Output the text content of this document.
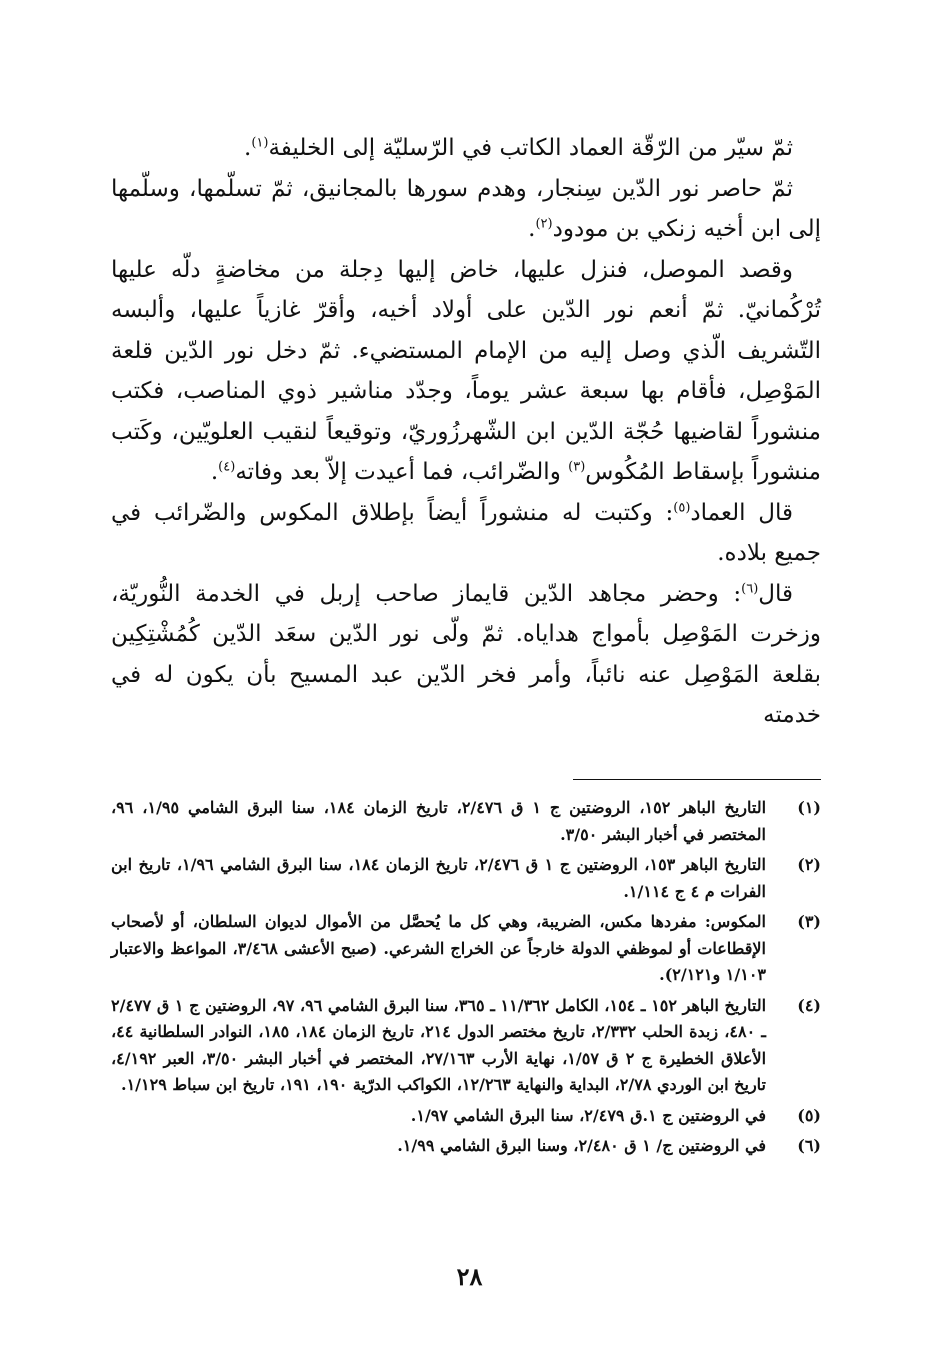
ثمّ سيّر من الرّقّة العماد الكاتب في الرّسليّة إلى الخليفة$^{(١)}$.

ثمّ حاصر نور الدّين سِنجار، وهدم سورها بالمجانيق، ثمّ تسلّمها، وسلّمها إلى ابن أخيه زنكي بن مودود$^{(٢)}$.

وقصد الموصل، فنزل عليها، خاض إليها دِجلة من مخاضةٍ دلّه عليها تُرْكُمانيّ. ثمّ أنعم نور الدّين على أولاد أخيه، وأقرّ غازياً عليها، وألبسه التّشريف الّذي وصل إليه من الإمام المستضيء. ثمّ دخل نور الدّين قلعة المَوْصِل، فأقام بها سبعة عشر يوماً، وجدّد مناشير ذوي المناصب، فكتب منشوراً لقاضيها حُجّة الدّين ابن الشّهرزُوريّ، وتوقيعاً لنقيب العلويّين، وكَتب منشوراً بإسقاط المُكُوس$^{(٣)}$ والضّرائب، فما أعيدت إلاّ بعد وفاته$^{(٤)}$.

قال العماد$^{(٥)}$: وكتبت له منشوراً أيضاً بإطلاق المكوس والضّرائب في جميع بلاده.

قال$^{(٦)}$: وحضر مجاهد الدّين قايماز صاحب إربل في الخدمة النُّوريّة، وزخرت المَوْصِل بأمواج هداياه. ثمّ ولّى نور الدّين سعَد الدّين كُمُشْتِكِين بقلعة المَوْصِل عنه نائباً، وأمر فخر الدّين عبد المسيح بأن يكون له في خدمته

(١)
التاريخ الباهر ١٥٢، الروضتين ج ١ ق ٢/٤٧٦، تاريخ الزمان ١٨٤، سنا البرق الشامي ١/٩٥، ٩٦، المختصر في أخبار البشر ٣/٥٠.
(٢)
التاريخ الباهر ١٥٣، الروضتين ج ١ ق ٢/٤٧٦، تاريخ الزمان ١٨٤، سنا البرق الشامي ١/٩٦، تاريخ ابن الفرات م ٤ ج ١/١١٤.
(٣)
المكوس: مفردها مكس، الضريبة، وهي كل ما يُحصَّل من الأموال لديوان السلطان، أو لأصحاب الإقطاعات أو لموظفي الدولة خارجاً عن الخراج الشرعي. (صبح الأعشى ٣/٤٦٨، المواعظ والاعتبار ١/١٠٣ و٢/١٢١).
(٤)
التاريخ الباهر ١٥٢ ـ ١٥٤، الكامل ١١/٣٦٢ ـ ٣٦٥، سنا البرق الشامي ٩٦، ٩٧، الروضتين ج ١ ق ٢/٤٧٧ ـ ٤٨٠، زبدة الحلب ٢/٣٣٢، تاريخ مختصر الدول ٢١٤، تاريخ الزمان ١٨٤، ١٨٥، النوادر السلطانية ٤٤، الأعلاق الخطيرة ج ٢ ق ١/٥٧، نهاية الأرب ٢٧/١٦٣، المختصر في أخبار البشر ٣/٥٠، العبر ٤/١٩٢، تاريخ ابن الوردي ٢/٧٨، البداية والنهاية ١٢/٢٦٣، الكواكب الدرّية ١٩٠، ١٩١، تاريخ ابن سباط ١/١٢٩.
(٥)
في الروضتين ج ١.ق ٢/٤٧٩، سنا البرق الشامي ١/٩٧.
(٦)
في الروضتين ج/ ١ ق ٢/٤٨٠، وسنا البرق الشامي ١/٩٩.
٢٨
